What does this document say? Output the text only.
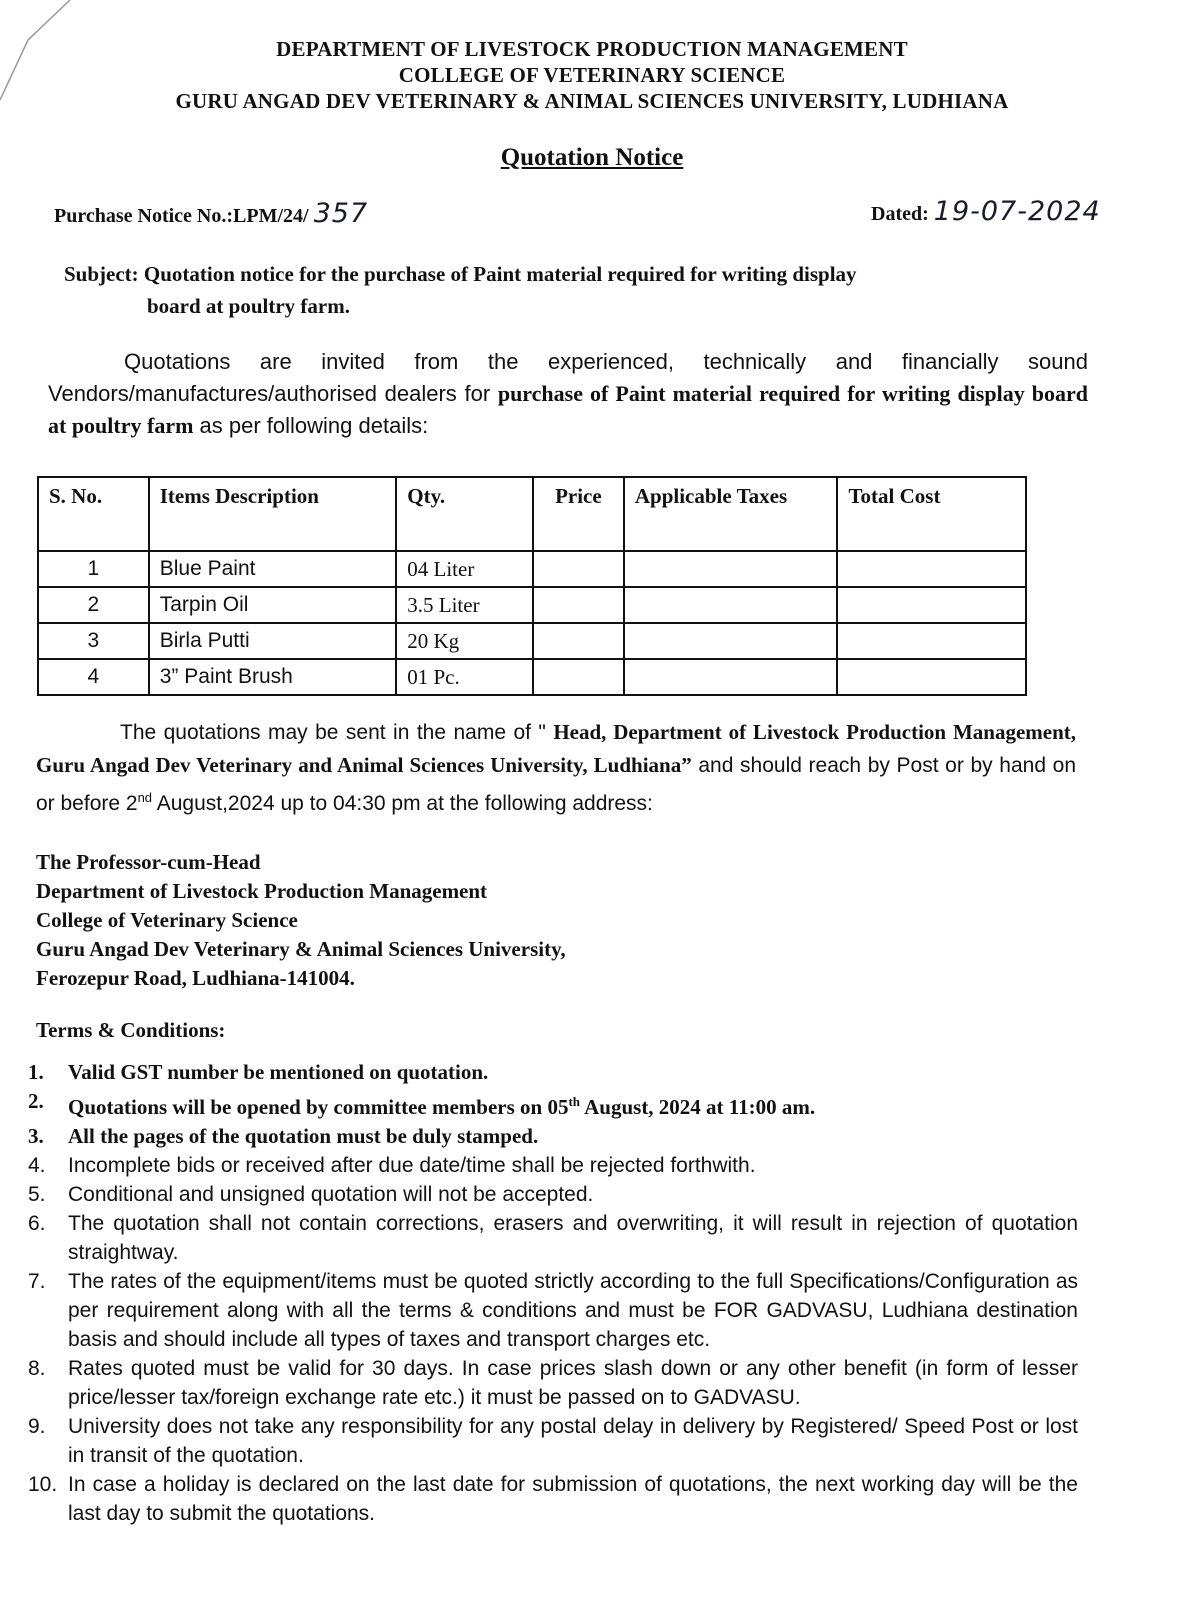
DEPARTMENT OF LIVESTOCK PRODUCTION MANAGEMENT
COLLEGE OF VETERINARY SCIENCE
GURU ANGAD DEV VETERINARY & ANIMAL SCIENCES UNIVERSITY, LUDHIANA
Quotation Notice
Purchase Notice No.:LPM/24/ 357	Dated: 19-07-2024
Subject: Quotation notice for the purchase of Paint material required for writing display
board at poultry farm.
Quotations are invited from the experienced, technically and financially sound Vendors/manufactures/authorised dealers for purchase of Paint material required for writing display board at poultry farm as per following details:
S. No.	Items Description	Qty.	Price	Applicable Taxes	Total Cost
1	Blue Paint	04 Liter			
2	Tarpin Oil	3.5 Liter			
3	Birla Putti	20 Kg			
4	3” Paint Brush	01 Pc.			
The quotations may be sent in the name of " Head, Department of Livestock Production Management, Guru Angad Dev Veterinary and Animal Sciences University, Ludhiana” and should reach by Post or by hand on or before 2nd August,2024 up to 04:30 pm at the following address:
The Professor-cum-Head
Department of Livestock Production Management
College of Veterinary Science
Guru Angad Dev Veterinary & Animal Sciences University,
Ferozepur Road, Ludhiana-141004.
Terms & Conditions:
1.	Valid GST number be mentioned on quotation.
2.	Quotations will be opened by committee members on 05th August, 2024 at 11:00 am.
3.	All the pages of the quotation must be duly stamped.
4.	Incomplete bids or received after due date/time shall be rejected forthwith.
5.	Conditional and unsigned quotation will not be accepted.
6.	The quotation shall not contain corrections, erasers and overwriting, it will result in rejection of quotation straightway.
7.	The rates of the equipment/items must be quoted strictly according to the full Specifications/Configuration as per requirement along with all the terms & conditions and must be FOR GADVASU, Ludhiana destination basis and should include all types of taxes and transport charges etc.
8.	Rates quoted must be valid for 30 days. In case prices slash down or any other benefit (in form of lesser price/lesser tax/foreign exchange rate etc.) it must be passed on to GADVASU.
9.	University does not take any responsibility for any postal delay in delivery by Registered/ Speed Post or lost in transit of the quotation.
10. In case a holiday is declared on the last date for submission of quotations, the next working day will be the last day to submit the quotations.
